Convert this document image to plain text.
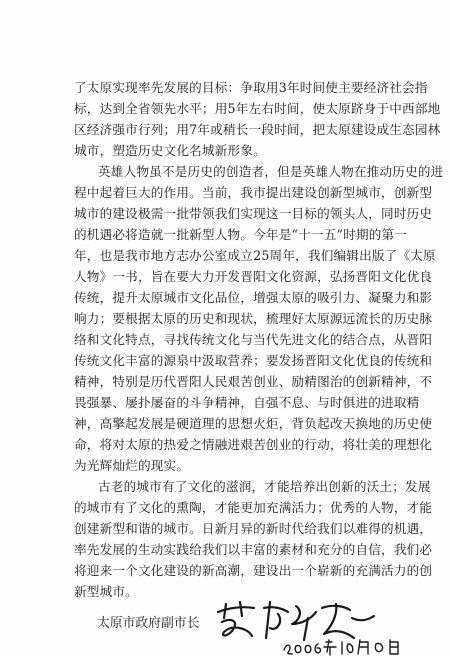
了太原实现率先发展的目标：争取用3年时间使主要经济社会指
标，达到全省领先水平；用5年左右时间，使太原跻身于中西部地
区经济强市行列；用7年或稍长一段时间，把太原建设成生态园林
城市，塑造历史文化名城新形象。
英雄人物虽不是历史的创造者，但是英雄人物在推动历史的进
程中起着巨大的作用。当前，我市提出建设创新型城市，创新型
城市的建设极需一批带领我们实现这一目标的领头人，同时历史
的机遇必将造就一批新型人物。今年是“十一五”时期的第一
年，也是我市地方志办公室成立25周年，我们编辑出版了《太原
人物》一书，旨在要大力开发晋阳文化资源，弘扬晋阳文化优良
传统，提升太原城市文化品位，增强太原的吸引力、凝聚力和影
响力；要根据太原的历史和现状，梳理好太原源远流长的历史脉
络和文化特点，寻找传统文化与当代先进文化的结合点，从晋阳
传统文化丰富的源泉中汲取营养；要发扬晋阳文化优良的传统和
精神，特别是历代晋阳人民艰苦创业、励精图治的创新精神，不
畏强暴、屡扑屡奋的斗争精神，自强不息、与时俱进的进取精
神，高擎起发展是硬道理的思想火炬，背负起改天换地的历史使
命，将对太原的热爱之情融进艰苦创业的行动，将壮美的理想化
为光辉灿烂的现实。
古老的城市有了文化的滋润，才能培养出创新的沃土；发展
的城市有了文化的熏陶，才能更加充满活力；优秀的人物，才能
创建新型和谐的城市。日新月异的新时代给我们以难得的机遇，
率先发展的生动实践给我们以丰富的素材和充分的自信，我们必
将迎来一个文化建设的新高潮，建设出一个崭新的充满活力的创
新型城市。
太原市政府副市长
